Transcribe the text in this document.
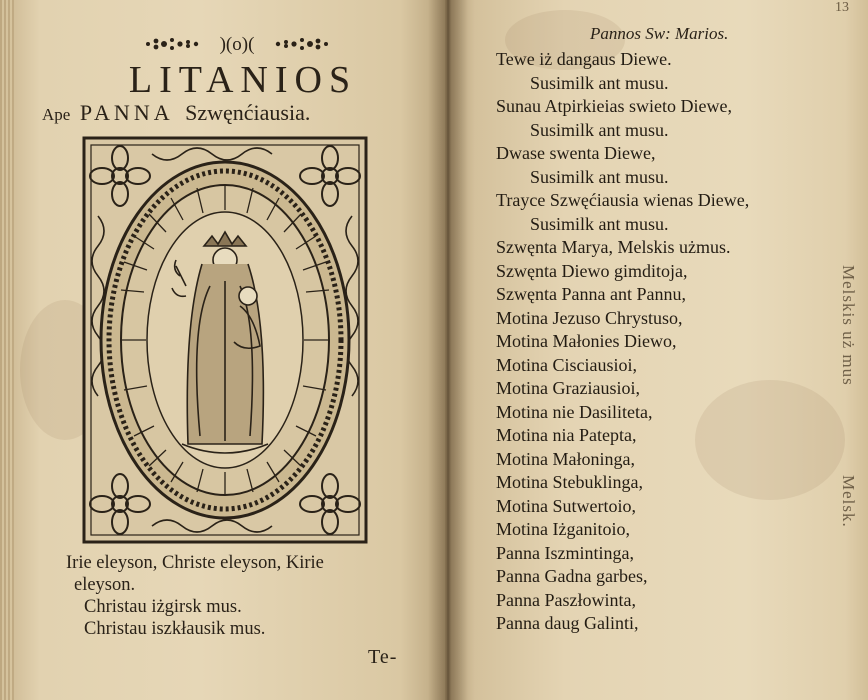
)(o)(
LITANIOS
Ape PANNA Szwęnćiausia.
Irie eleyson, Christe eleyson, Kirie
eleyson.
Christau iżgirsk mus.
Christau iszkłausik mus.
Te-
13
Pannos Sw: Marios.
Tewe iż dangaus Diewe.
Susimilk ant musu.
Sunau Atpirkieias swieto Diewe,
Susimilk ant musu.
Dwase swenta Diewe,
Susimilk ant musu.
Trayce Szwęćiausia wienas Diewe,
Susimilk ant musu.
Szwęnta Marya, Melskis użmus.
Szwęnta Diewo gimditoja,
Szwęnta Panna ant Pannu,
Motina Jezuso Chrystuso,
Motina Małonies Diewo,
Motina Cisciausioi,
Motina Graziausioi,
Motina nie Dasiliteta,
Motina nia Patepta,
Motina Małoninga,
Motina Stebuklinga,
Motina Sutwertoio,
Motina Iżganitoio,
Panna Iszmintinga,
Panna Gadna garbes,
Panna Paszłowinta,
Panna daug Galinti,
Melskis uż mus
Melsk.
